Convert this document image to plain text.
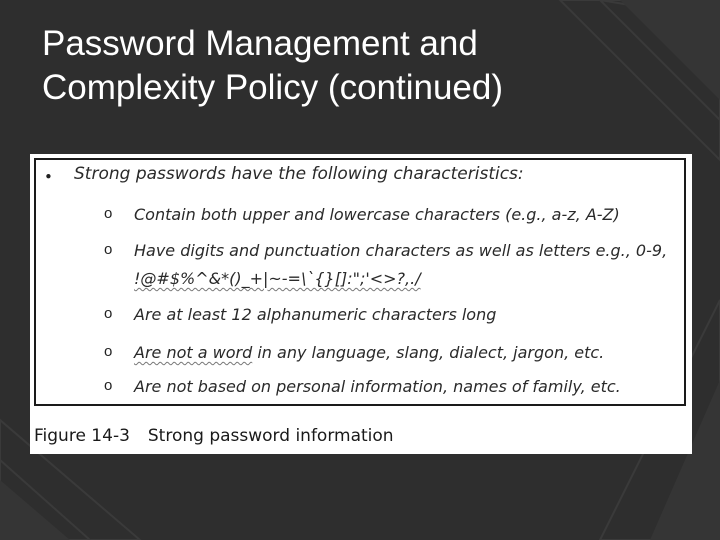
Password Management and
Complexity Policy (continued)
• Strong passwords have the following characteristics:
o Contain both upper and lowercase characters (e.g., a-z, A-Z)
o Have digits and punctuation characters as well as letters e.g., 0-9,
!@#$%^&*()_+|~-=\`{}[]:";'<>?,./
o Are at least 12 alphanumeric characters long
o Are not a word in any language, slang, dialect, jargon, etc.
o Are not based on personal information, names of family, etc.
Figure 14-3 Strong password information
